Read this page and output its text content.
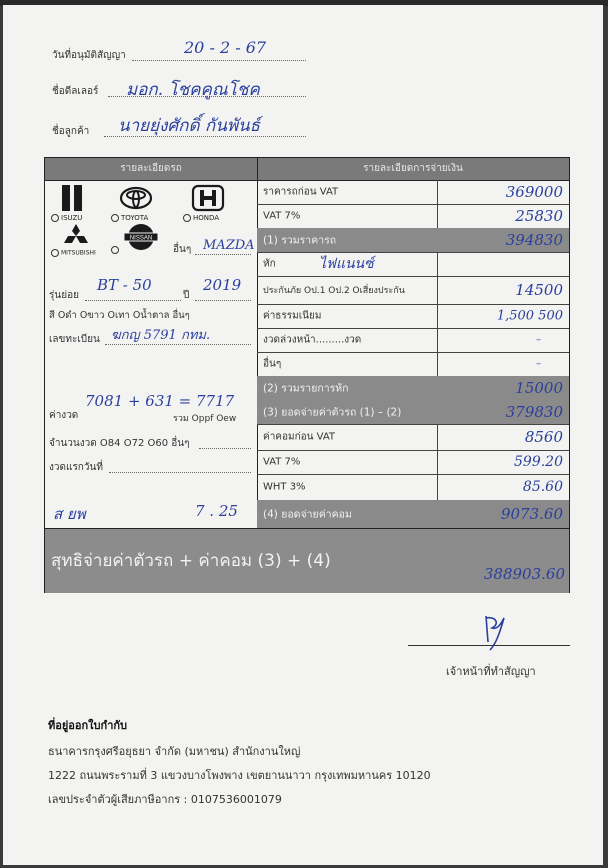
วันที่อนุมัติสัญญา	20 - 2 - 67
ชื่อดีลเลอร์ มอก. โชคคูณโชค
ชื่อลูกค้า นายยุ่งศักดิ์ กันพันธ์
รายละเอียดรถ	รายละเอียดการจ่ายเงิน
ISUZU	TOYOTA	HONDA
MITSUBISHI
NISSAN
อื่นๆ MAZDA
รุ่นย่อย
BT - 50
ปี
2019
สี Oดำ Oขาว Oเทา Oน้ำตาล อื่นๆ
เลขทะเบียน ฆกญ 5791 กทม.
ค่างวด
7081 + 631 = 7717
รวม Oppf Oew
จำนวนงวด O84 O72 O60 อื่นๆ
งวดแรกวันที่
ส ยพ	7 . 25
ราคารถก่อน VAT	369000
VAT 7%	25830
(1) รวมราคารถ	394830
หัก	ไฟแนนซ์
ประกันภัย Oป.1 Oป.2 Oเสี่ยงประกัน	14500
ค่าธรรมเนียม	1,500 500
งวดล่วงหน้า.........งวด	–
อื่นๆ	–
(2) รวมรายการหัก	15000
(3) ยอดจ่ายค่าตัวรถ (1) – (2)	379830
ค่าคอมก่อน VAT	8560
VAT 7%	599.20
WHT 3%	85.60
(4) ยอดจ่ายค่าคอม	9073.60
สุทธิจ่ายค่าตัวรถ + ค่าคอม (3) + (4)
388903.60
เจ้าหน้าที่ทำสัญญา
ที่อยู่ออกใบกำกับ
ธนาคารกรุงศรีอยุธยา จำกัด (มหาชน) สำนักงานใหญ่
1222 ถนนพระรามที่ 3 แขวงบางโพงพาง เขตยานนาวา กรุงเทพมหานคร 10120
เลขประจำตัวผู้เสียภาษีอากร : 0107536001079
